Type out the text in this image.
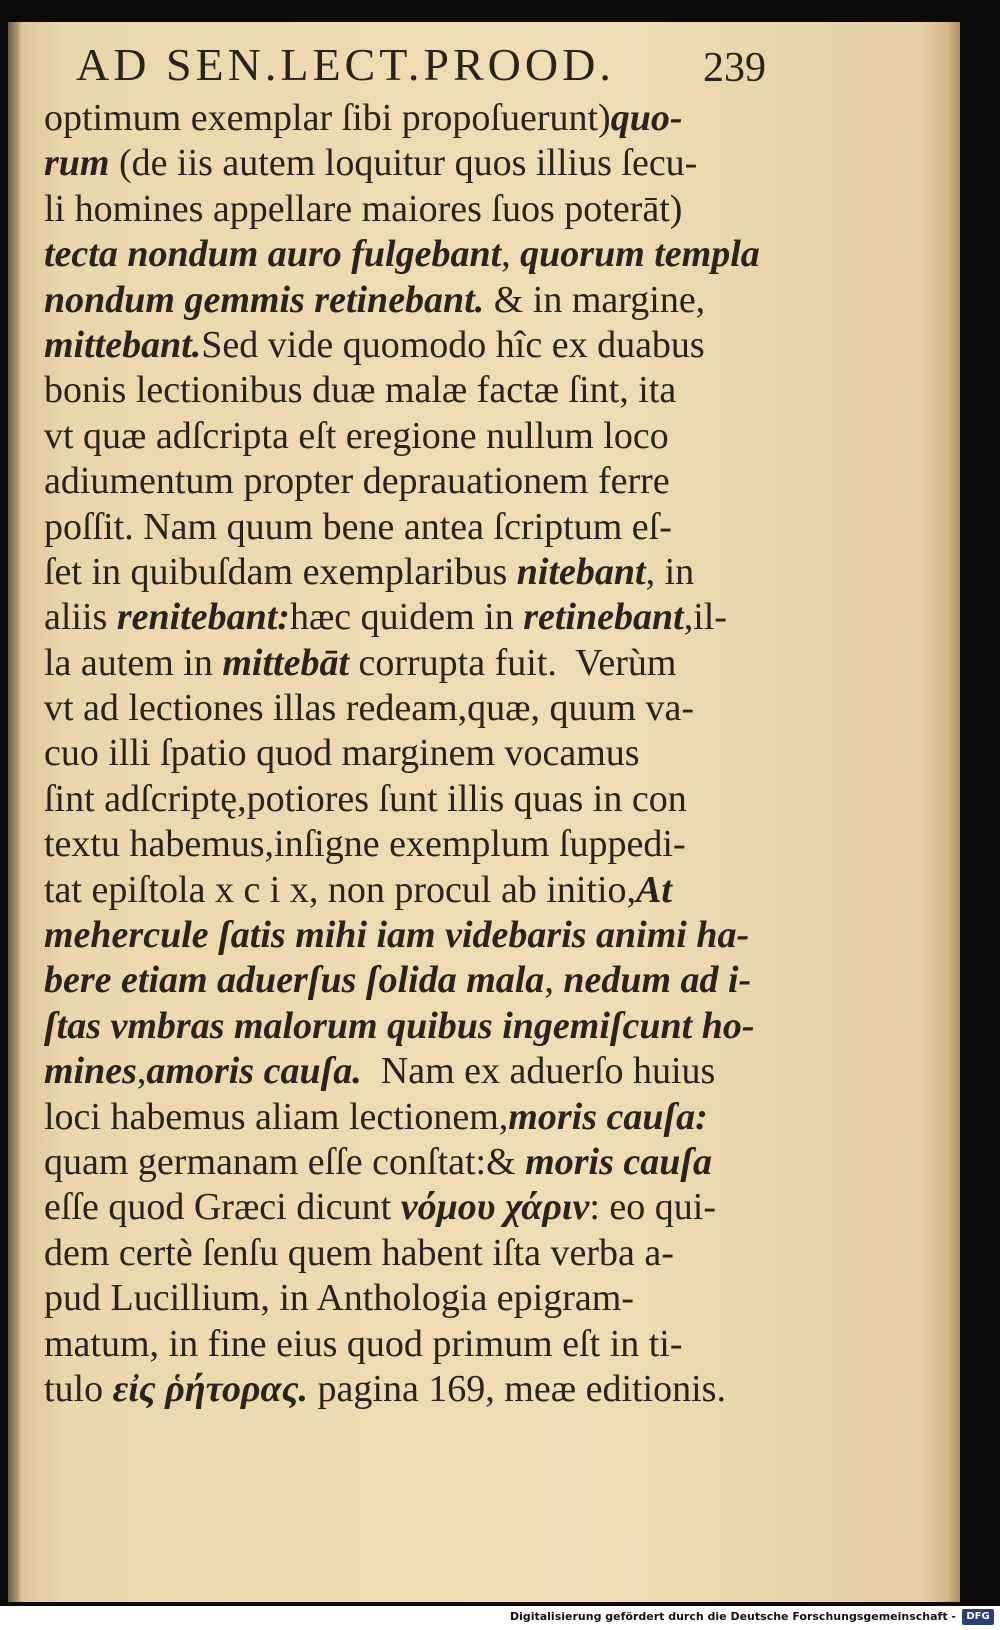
AD SEN.LECT.PROOD. 239
optimum exemplar ſibi propoſuerunt)quo-
rum (de iis autem loquitur quos illius ſecu-
li homines appellare maiores ſuos poterāt)
tecta nondum auro fulgebant, quorum templa
nondum gemmis retinebant. & in margine,
mittebant.Sed vide quomodo hîc ex duabus
bonis lectionibus duæ malæ factæ ſint, ita
vt quæ adſcripta eſt eregione nullum loco
adiumentum propter deprauationem ferre
poſſit. Nam quum bene antea ſcriptum eſ-
ſet in quibuſdam exemplaribus nitebant, in
aliis renitebant:hæc quidem in retinebant,il-
la autem in mittebāt corrupta fuit.  Verùm
vt ad lectiones illas redeam,quæ, quum va-
cuo illi ſpatio quod marginem vocamus
ſint adſcriptę,potiores ſunt illis quas in con
textu habemus,inſigne exemplum ſuppedi-
tat epiſtola x c i x, non procul ab initio,At
mehercule ſatis mihi iam videbaris animi ha-
bere etiam aduerſus ſolida mala, nedum ad i-
ſtas vmbras malorum quibus ingemiſcunt ho-
mines,amoris cauſa.  Nam ex aduerſo huius
loci habemus aliam lectionem,moris cauſa:
quam germanam eſſe conſtat:& moris cauſa
eſſe quod Græci dicunt νόμου χάριν: eo qui-
dem certè ſenſu quem habent iſta verba a-
pud Lucillium, in Anthologia epigram-
matum, in fine eius quod primum eſt in ti-
tulo εἰς ῥήτορας. pagina 169, meæ editionis.
Digitalisierung gefördert durch die Deutsche Forschungsgemeinschaft -	DFG
